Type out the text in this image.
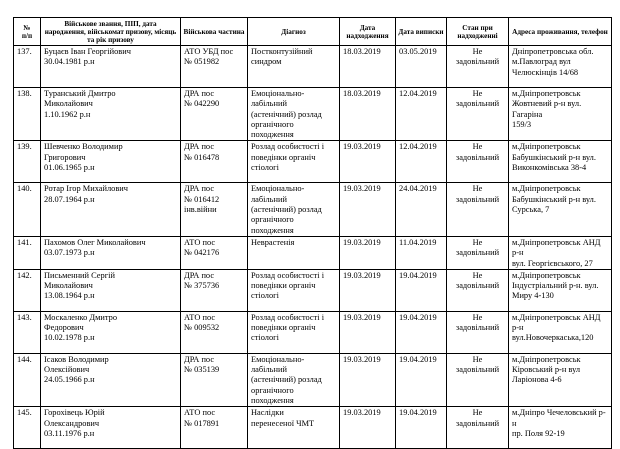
№
п/п	Військове звання, ПІП, дата народження, військомат призову, місяць та рік призову	Військова частина	Діагноз	Дата надходження	Дата виписки	Стан при надходженні	Адреса проживання, телефон
137.	Буцаєв Іван Георгійович
30.04.1981 р.н	АТО УБД пос
№ 051982	Постконтузійний
синдром	18.03.2019	03.05.2019	Не
задовільний	Дніпропетровська обл.
м.Павлоград вул
Челюскінців 14/68
138.	Туранський Дмитро
Миколайович
1.10.1962 р.н	ДРА пос
№ 042290	Емоціонально-
лабільний
(астенічний) розлад
органічного
походження	18.03.2019	12.04.2019	Не
задовільний	м.Дніпропетровськ
Жовтневий р-н вул. Гагаріна
159/3
139.	Шевченко Володимир
Григорович
01.06.1965 р.н	ДРА пос
№ 016478	Розлад особистості і
поведінки органіч
стіологі	19.03.2019	12.04.2019	Не
задовільний	м.Дніпропетровськ
Бабушкінський р-н вул.
Виконкомівська 38-4
140.	Ротар Ігор Михайлович
28.07.1964 р.н	ДРА пос
№ 016412
інв.війни	Емоціонально-
лабільний
(астенічний) розлад
органічного
походження	19.03.2019	24.04.2019	Не
задовільний	м.Дніпропетровськ
Бабушкінський р-н вул.
Сурська, 7
141.	Пахомов Олег Миколайович
03.07.1973 р.н	АТО пос
№ 042176	Неврастенія	19.03.2019	11.04.2019	Не
задовільний	м.Дніпропетровськ АНД р-н
вул. Георгієвського, 27
142.	Письменний Сергій
Миколайович
13.08.1964 р.н	ДРА пос
№ 375736	Розлад особистості і
поведінки органіч
стіологі	19.03.2019	19.04.2019	Не
задовільний	м.Дніпропетровськ
Індустріальний р-н. вул.
Миру 4-130
143.	Москаленко Дмитро
Федорович
10.02.1978 р.н	АТО пос
№ 009532	Розлад особистості і
поведінки органіч
стіологі	19.03.2019	19.04.2019	Не
задовільний	м.Дніпропетровськ АНД р-н
вул.Новочеркаська,120
144.	Ісаков Володимир
Олексійович
24.05.1966 р.н	ДРА пос
№ 035139	Емоціонально-
лабільний
(астенічний) розлад
органічного
походження	19.03.2019	19.04.2019	Не
задовільний	м.Дніпропетровськ
Кіровський р-н вул
Ларіонова 4-6
145.	Горохівець Юрій
Олександрович
03.11.1976 р.н	АТО пос
№ 017891	Наслідки
перенесеної ЧМТ	19.03.2019	19.04.2019	Не
задовільний	м.Дніпро Чечеловський р-н
пр. Поля 92-19
